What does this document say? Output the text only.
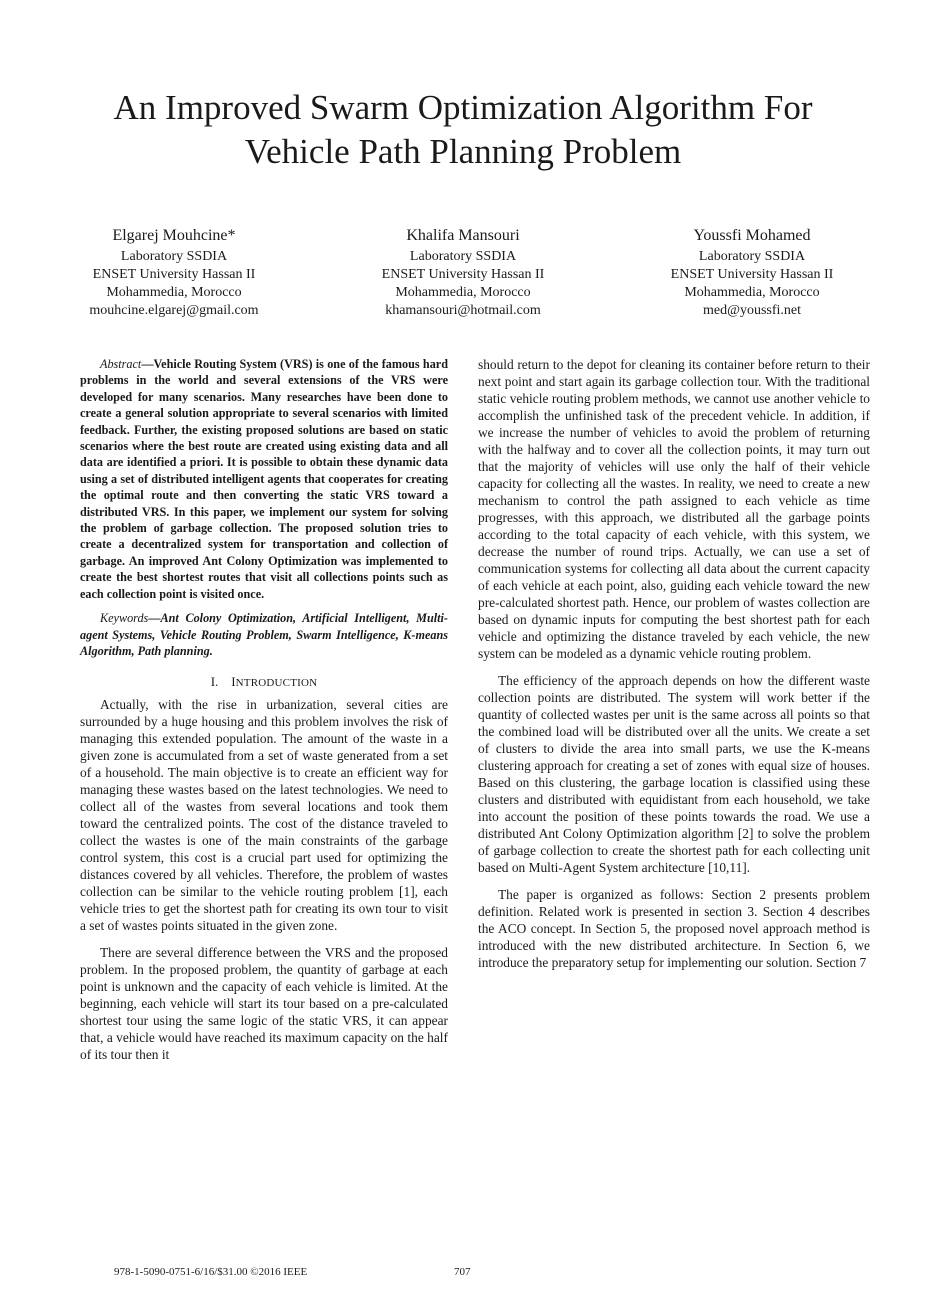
An Improved Swarm Optimization Algorithm For
Vehicle Path Planning Problem
Elgarej Mouhcine*
Laboratory SSDIA
ENSET University Hassan II
Mohammedia, Morocco
mouhcine.elgarej@gmail.com
Khalifa Mansouri
Laboratory SSDIA
ENSET University Hassan II
Mohammedia, Morocco
khamansouri@hotmail.com
Youssfi Mohamed
Laboratory SSDIA
ENSET University Hassan II
Mohammedia, Morocco
med@youssfi.net

Abstract—Vehicle Routing System (VRS) is one of the famous hard problems in the world and several extensions of the VRS were developed for many scenarios. Many researches have been done to create a general solution appropriate to several scenarios with limited feedback. Further, the existing proposed solutions are based on static scenarios where the best route are created using existing data and all data are identified a priori. It is possible to obtain these dynamic data using a set of distributed intelligent agents that cooperates for creating the optimal route and then converting the static VRS toward a distributed VRS. In this paper, we implement our system for solving the problem of garbage collection. The proposed solution tries to create a decentralized system for transportation and collection of garbage. An improved Ant Colony Optimization was implemented to create the best shortest routes that visit all collections points such as each collection point is visited once.

Keywords—Ant Colony Optimization, Artificial Intelligent, Multi-agent Systems, Vehicle Routing Problem, Swarm Intelligence, K-means Algorithm, Path planning.

I. INTRODUCTION

Actually, with the rise in urbanization, several cities are surrounded by a huge housing and this problem involves the risk of managing this extended population. The amount of the waste in a given zone is accumulated from a set of waste generated from a set of a household. The main objective is to create an efficient way for managing these wastes based on the latest technologies. We need to collect all of the wastes from several locations and took them toward the centralized points. The cost of the distance traveled to collect the wastes is one of the main constraints of the garbage control system, this cost is a crucial part used for optimizing the distances covered by all vehicles. Therefore, the problem of wastes collection can be similar to the vehicle routing problem [1], each vehicle tries to get the shortest path for creating its own tour to visit a set of wastes points situated in the given zone.

There are several difference between the VRS and the proposed problem. In the proposed problem, the quantity of garbage at each point is unknown and the capacity of each vehicle is limited. At the beginning, each vehicle will start its tour based on a pre-calculated shortest tour using the same logic of the static VRS, it can appear that, a vehicle would have reached its maximum capacity on the half of its tour then it

should return to the depot for cleaning its container before return to their next point and start again its garbage collection tour. With the traditional static vehicle routing problem methods, we cannot use another vehicle to accomplish the unfinished task of the precedent vehicle. In addition, if we increase the number of vehicles to avoid the problem of returning with the halfway and to cover all the collection points, it may turn out that the majority of vehicles will use only the half of their vehicle capacity for collecting all the wastes. In reality, we need to create a new mechanism to control the path assigned to each vehicle as time progresses, with this approach, we distributed all the garbage points according to the total capacity of each vehicle, with this system, we decrease the number of round trips. Actually, we can use a set of communication systems for collecting all data about the current capacity of each vehicle at each point, also, guiding each vehicle toward the new pre-calculated shortest path. Hence, our problem of wastes collection are based on dynamic inputs for computing the best shortest path for each vehicle and optimizing the distance traveled by each vehicle, the new system can be modeled as a dynamic vehicle routing problem.

The efficiency of the approach depends on how the different waste collection points are distributed. The system will work better if the quantity of collected wastes per unit is the same across all points so that the combined load will be distributed over all the units. We create a set of clusters to divide the area into small parts, we use the K-means clustering approach for creating a set of zones with equal size of houses. Based on this clustering, the garbage location is classified using these clusters and distributed with equidistant from each household, we take into account the position of these points towards the road. We use a distributed Ant Colony Optimization algorithm [2] to solve the problem of garbage collection to create the shortest path for each collecting unit based on Multi-Agent System architecture [10,11].

The paper is organized as follows: Section 2 presents problem definition. Related work is presented in section 3. Section 4 describes the ACO concept. In Section 5, the proposed novel approach method is introduced with the new distributed architecture. In Section 6, we introduce the preparatory setup for implementing our solution. Section 7

978-1-5090-0751-6/16/$31.00 ©2016 IEEE	707
